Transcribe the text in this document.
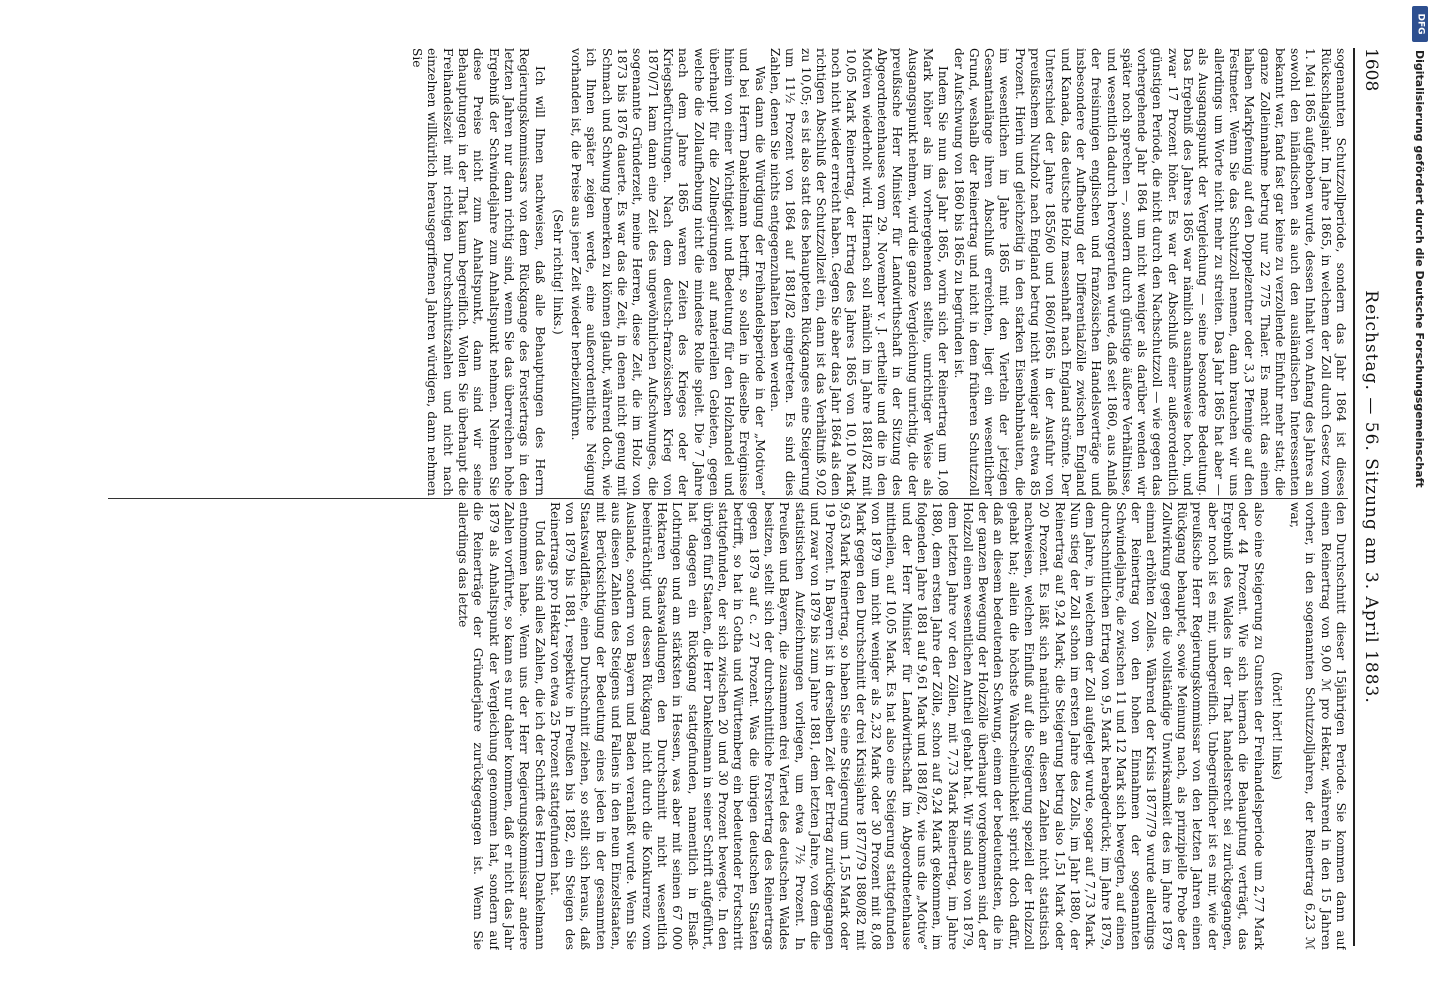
1608
Reichstag. — 56. Sitzung am 3. April 1883.

sogenannten Schutzzollperiode, sondern das Jahr 1864 ist dieses Rückschlagsjahr. Im Jahre 1865, in welchem der Zoll durch Gesetz vom 1. Mai 1865 aufgehoben wurde, dessen Inhalt von Anfang des Jahres an sowohl den inländischen als auch den ausländischen Interessenten bekannt war, fand fast gar keine zu verzollende Einfuhr mehr statt; die ganze Zolleinnahme betrug nur 22 775 Thaler. Es macht das einen halben Markpfennig auf den Doppelzentner oder 3,3 Pfennige auf den Festmeter. Wenn Sie das Schutzzoll nennen, dann brauchen wir uns allerdings um Worte nicht mehr zu streiten. Das Jahr 1865 hat aber — als Ausgangspunkt der Vergleichung — seine besondere Bedeutung. Das Ergebniß des Jahres 1865 war nämlich ausnahmsweise hoch, und zwar 17 Prozent höher. Es war der Abschluß einer außerordentlich günstigen Periode, die nicht durch den Nachschutzzoll — wie gegen das vorhergehende Jahr 1864 um nicht weniger als darüber wenden wir später noch sprechen —, sondern durch günstige äußere Verhältnisse, und wesentlich dadurch hervorgerufen wurde, daß seit 1860, aus Anlaß der freisinnigen englischen und französischen Handelsverträge und insbesondere der Aufhebung der Differentialzölle zwischen England und Kanada, das deutsche Holz massenhaft nach England strömte. Der Unterschied der Jahre 1855/60 und 1860/1865 in der Ausfuhr von preußischem Nutzholz nach England betrug nicht weniger als etwa 85 Prozent. Hierin und gleichzeitig in den starken Eisenbahnbauten, die im wesentlichen im Jahre 1865 mit den Vierteln der jetzigen Gesamtanlänge ihren Abschluß erreichten, liegt ein wesentlicher Grund, weshalb der Reinertrag und nicht in dem früheren Schutzzoll der Aufschwung von 1860 bis 1865 zu begründen ist.

Indem Sie nun das Jahr 1865, worin sich der Reinertrag um 1,08 Mark höher als im vorhergehenden stellte, unrichtiger Weise als Ausgangspunkt nehmen, wird die ganze Vergleichung unrichtig, die der preußische Herr Minister für Landwirthschaft in der Sitzung des Abgeordnetenhauses vom 29. November v. J. ertheilte und die in den Motiven wiederholt wird. Hiernach soll nämlich im Jahre 1881/82 mit 10,05 Mark Reinertrag, der Ertrag des Jahres 1865 von 10,10 Mark noch nicht wieder erreicht haben. Gegen Sie aber das Jahr 1864 als den richtigen Abschluß der Schutzzollzeit ein, dann ist das Verhältniß 9,02 zu 10,05; es ist also statt des behaupteten Rückganges eine Steigerung um 11½ Prozent von 1864 auf 1881/82 eingetreten. Es sind dies Zahlen, denen Sie nichts entgegenzuhalten haben werden.

Was dann die Würdigung der Freihandelsperiode in der „Motiven“ und bei Herrn Dankelmann betrifft, so sollen in dieselbe Ereignisse hinein von einer Wichtigkeit und Bedeutung für den Holzhandel und überhaupt für die Zollnegirungen auf materiellen Gebieten, gegen welche die Zollaufhebung nicht die mindeste Rolle spielt. Die 7 Jahre nach dem Jahre 1865 waren Zeiten des Krieges oder der Kriegsbefürchtungen. Nach dem deutsch-französischen Krieg von 1870/71 kam dann eine Zeit des ungewöhnlichen Aufschwunges, die sogenannte Gründerzeit, meine Herren, diese Zeit, die im Holz von 1873 bis 1876 dauerte. Es war das die Zeit, in denen nicht genug mit Schmach und Schwung bemerken zu können glaubt, während doch, wie ich Ihnen später zeigen werde, eine außerordentliche Neigung vorhanden ist, die Preise aus jener Zeit wieder herbeizuführen.

(Sehr richtig! links.)

Ich will Ihnen nachweisen, daß alle Behauptungen des Herrn Regierungskommissars von dem Rückgange des Forstertrags in den letzten Jahren nur dann richtig sind, wenn Sie das überreichen hohe Ergebniß der Schwindeljahre zum Anhaltspunkt nehmen. Nehmen Sie diese Preise nicht zum Anhaltspunkt, dann sind wir seine Behauptungen in der That kaum begreiflich. Wollen Sie überhaupt die Freihandelszeit mit richtigen Durchschnittszahlen und nicht nach einzelnen willkürlich herausgegriffenen Jahren würdigen, dann nehmen Sie

den Durchschnitt dieser 15jährigen Periode. Sie kommen dann auf einen Reinertrag von 9,00 ℳ pro Hektar, während in den 15 Jahren vorher, in den sogenannten Schutzzolljahren, der Reinertrag 6,23 ℳ war,

(hört! hört! links)

also eine Steigerung zu Gunsten der Freihandelsperiode um 2,77 Mark oder 44 Prozent. Wie sich hiernach die Behauptung verträgt, das Ergebniß des Waldes in der That handelsrecht sei zurückgegangen, aber noch ist es mir, unbegreiflich. Unbegreiflicher ist es mir, wie der preußische Herr Regierungskommissar von den letzten Jahren einen Rückgang behauptet, sowie Meinung nach, als prinzipielle Probe der Zollwirkung gegen die vollständige Unwirksamkeit des im Jahre 1879 einmal erhöhten Zolles. Während der Krisis 1877/79 wurde allerdings der Reinertrag von den hohen Einnahmen der sogenannten Schwindeljahre, die zwischen 11 und 12 Mark sich bewegten, auf einen durchschnittlichen Ertrag von 9,5 Mark herabgedrückt; im Jahre 1879, dem Jahre, in welchem der Zoll aufgelegt wurde, sogar auf 7,73 Mark. Nun stieg der Zoll schon im ersten Jahre des Zolls, im Jahr 1880, der Reinertrag auf 9,24 Mark; die Steigerung betrug also 1,51 Mark oder 20 Prozent. Es läßt sich natürlich an diesen Zahlen nicht statistisch nachweisen, welchen Einfluß auf die Steigerung speziell der Holzzoll gehabt hat; allein die höchste Wahrscheinlichkeit spricht doch dafür, daß an diesem bedeutenden Schwung, einem der bedeutendsten, die in der ganzen Bewegung der Holzzölle überhaupt vorgekommen sind, der Holzzoll einen wesentlichen Antheil gehabt hat. Wir sind also von 1879, dem letzten Jahre vor den Zöllen, mit 7,73 Mark Reinertrag, im Jahre 1880, dem ersten Jahre der Zölle, schon auf 9,24 Mark gekommen, im folgenden Jahre 1881 auf 9,61 Mark und 1881/82, wie uns die „Motive“ und der Herr Minister für Landwirthschaft im Abgeordnetenhause mittheilen, auf 10,05 Mark. Es hat also eine Steigerung stattgefunden von 1879 um nicht weniger als 2,32 Mark oder 30 Prozent mit 8,08 Mark gegen den Durchschnitt der drei Krisisjahre 1877/79 1880/82 mit 9,63 Mark Reinertrag, so haben Sie eine Steigerung um 1,55 Mark oder 19 Prozent. In Bayern ist in derselben Zeit der Ertrag zurückgegangen und zwar von 1879 bis zum Jahre 1881, dem letzten Jahre, von dem die statistischen Aufzeichnungen vorliegen, um etwa 7½ Prozent. In Preußen und Bayern, die zusammen drei Viertel des deutschen Waldes besitzen, stellt sich der durchschnittliche Forstertrag des Reinertrags gegen 1879 auf c. 27 Prozent. Was die übrigen deutschen Staaten betrifft, so hat in Gotha und Württemberg ein bedeutender Fortschritt stattgefunden, der sich zwischen 20 und 30 Prozent bewegte. In den übrigen fünf Staaten, die Herr Dankelmann in seiner Schrift aufgeführt, hat dagegen ein Rückgang stattgefunden, namentlich in Elsaß-Lothringen und am stärksten in Hessen, was aber mit seinen 67 000 Hektaren Staatswaldungen den Durchschnitt nicht wesentlich beeinträchtigt und dessen Rückgang nicht durch die Konkurrenz vom Auslande, sondern von Bayern und Baden veranlaßt wurde. Wenn Sie aus diesen Zahlen des Steigens und Fallens in den neun Einzelstaaten, mit Berücksichtigung der Bedeutung eines jeden in der gesammten Staatswaldfläche, einen Durchschnitt ziehen, so stellt sich heraus, daß von 1879 bis 1881, respektive in Preußen bis 1882, ein Steigen des Reinertrags pro Hektar von etwa 25 Prozent stattgefunden hat.

Und das sind alles Zahlen, die ich der Schrift des Herrn Dankelmann entnommen habe. Wenn uns der Herr Regierungskommissar andere Zahlen vorführte, so kann es nur daher kommen, daß er nicht das Jahr 1879 als Anhaltspunkt der Vergleichung genommen hat, sondern auf die Reinerträge der Gründerjahre zurückgegangen ist. Wenn Sie allerdings das letzte

DFG
Digitalisierung gefördert durch die Deutsche Forschungsgemeinschaft
